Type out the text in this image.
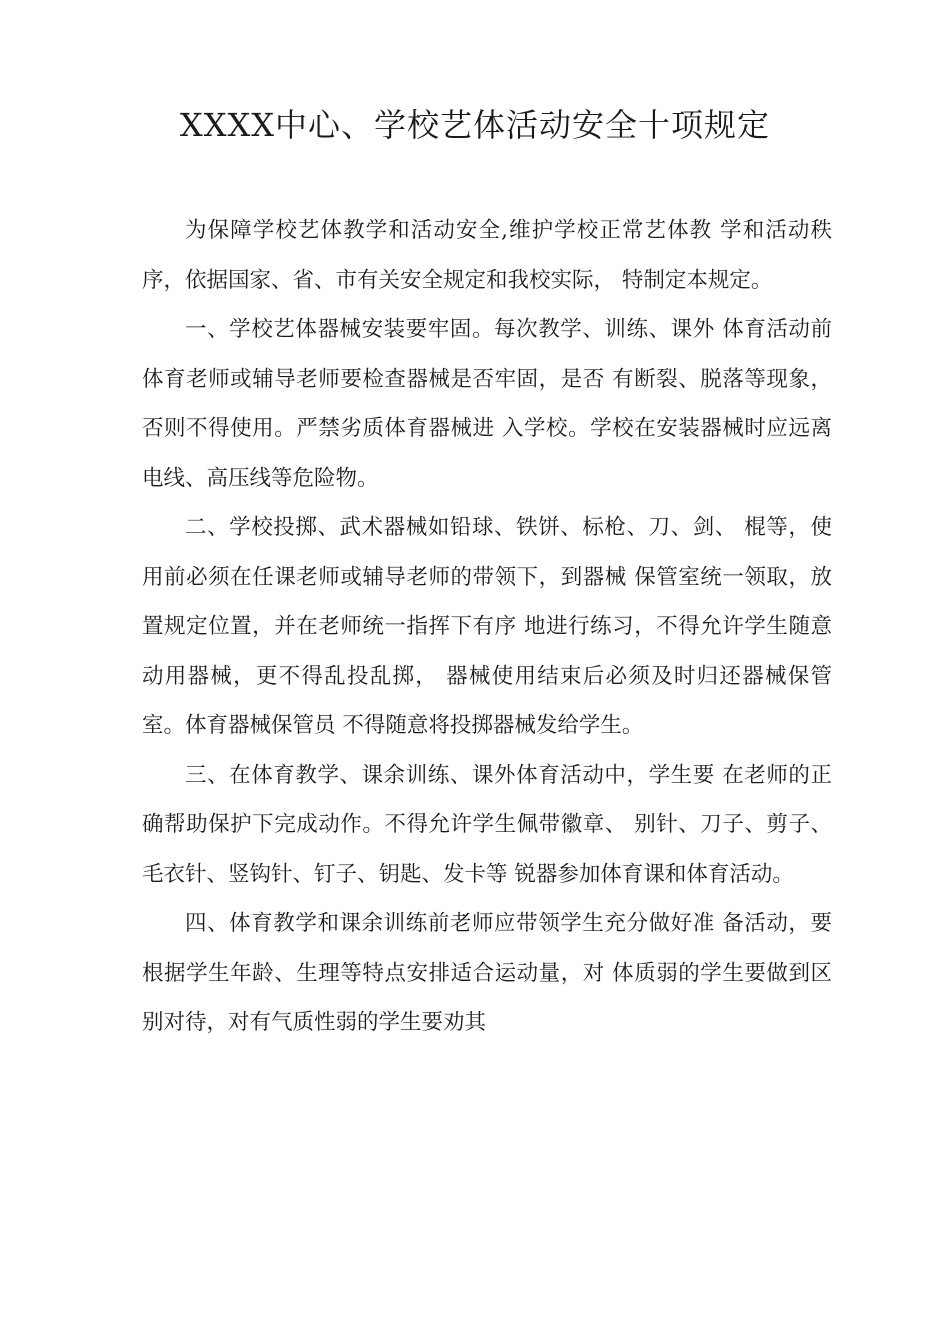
XXXX中心、学校艺体活动安全十项规定

为保障学校艺体教学和活动安全,维护学校正常艺体教 学和活动秩序，依据国家、省、市有关安全规定和我校实际， 特制定本规定。

一、学校艺体器械安装要牢固。每次教学、训练、课外 体育活动前体育老师或辅导老师要检查器械是否牢固，是否 有断裂、脱落等现象，否则不得使用。严禁劣质体育器械进 入学校。学校在安装器械时应远离电线、高压线等危险物。

二、学校投掷、武术器械如铅球、铁饼、标枪、刀、剑、 棍等，使用前必须在任课老师或辅导老师的带领下，到器械 保管室统一领取，放置规定位置，并在老师统一指挥下有序 地进行练习，不得允许学生随意动用器械，更不得乱投乱掷， 器械使用结束后必须及时归还器械保管室。体育器械保管员 不得随意将投掷器械发给学生。

三、在体育教学、课余训练、课外体育活动中，学生要 在老师的正确帮助保护下完成动作。不得允许学生佩带徽章、 别针、刀子、剪子、毛衣针、竖钩针、钉子、钥匙、发卡等 锐器参加体育课和体育活动。

四、体育教学和课余训练前老师应带领学生充分做好准 备活动，要根据学生年龄、生理等特点安排适合运动量，对 体质弱的学生要做到区别对待，对有气质性弱的学生要劝其
